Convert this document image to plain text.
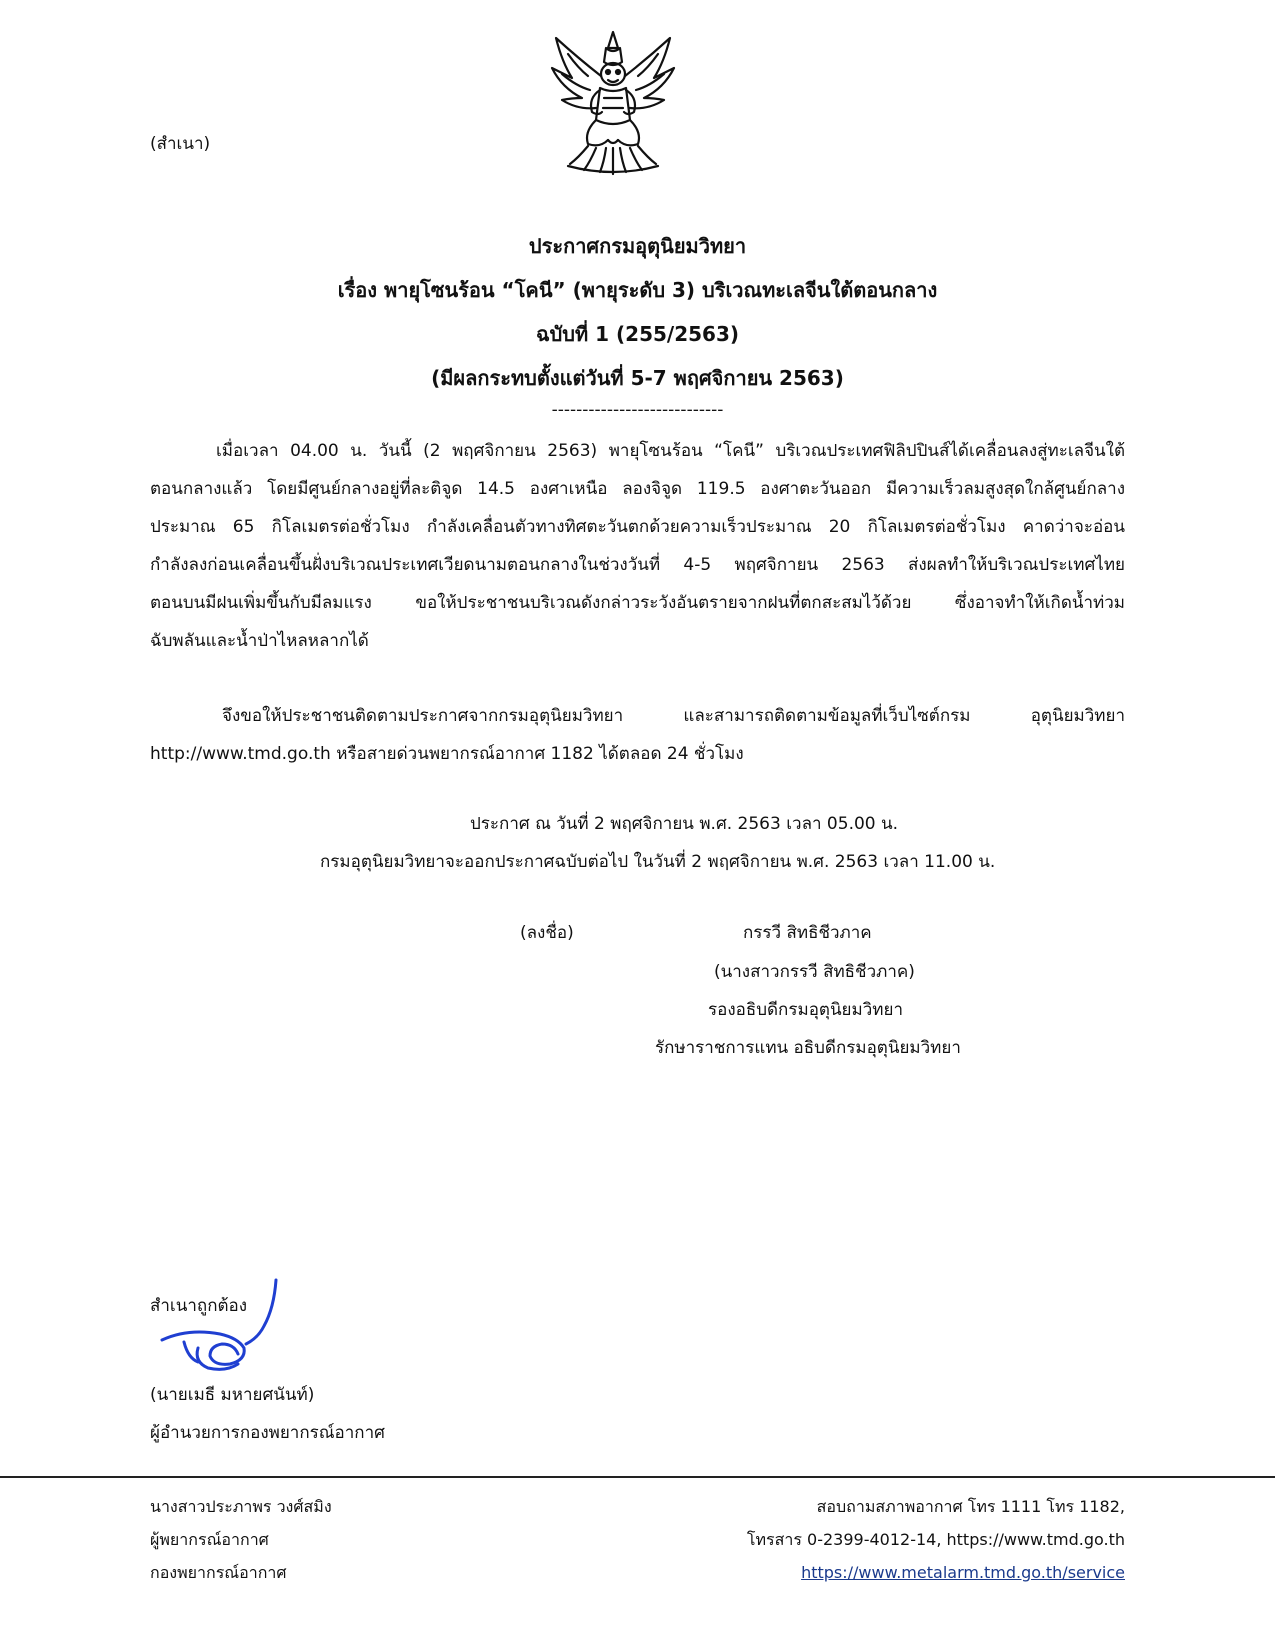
(สำเนา)
ประกาศกรมอุตุนิยมวิทยา
เรื่อง พายุโซนร้อน “โคนี” (พายุระดับ 3) บริเวณทะเลจีนใต้ตอนกลาง
ฉบับที่ 1 (255/2563)
(มีผลกระทบตั้งแต่วันที่ 5-7 พฤศจิกายน 2563)
----------------------------
เมื่อเวลา 04.00 น. วันนี้ (2 พฤศจิกายน 2563) พายุโซนร้อน “โคนี” บริเวณประเทศฟิลิปปินส์ได้เคลื่อนลงสู่ทะเลจีนใต้
ตอนกลางแล้ว โดยมีศูนย์กลางอยู่ที่ละติจูด 14.5 องศาเหนือ ลองจิจูด 119.5 องศาตะวันออก มีความเร็วลมสูงสุดใกล้ศูนย์กลาง
ประมาณ 65 กิโลเมตรต่อชั่วโมง กำลังเคลื่อนตัวทางทิศตะวันตกด้วยความเร็วประมาณ 20 กิโลเมตรต่อชั่วโมง คาดว่าจะอ่อน
กำลังลงก่อนเคลื่อนขึ้นฝั่งบริเวณประเทศเวียดนามตอนกลางในช่วงวันที่ 4-5 พฤศจิกายน 2563 ส่งผลทำให้บริเวณประเทศไทย
ตอนบนมีฝนเพิ่มขึ้นกับมีลมแรง ขอให้ประชาชนบริเวณดังกล่าวระวังอันตรายจากฝนที่ตกสะสมไว้ด้วย ซึ่งอาจทำให้เกิดน้ำท่วม
ฉับพลันและน้ำป่าไหลหลากได้
จึงขอให้ประชาชนติดตามประกาศจากกรมอุตุนิยมวิทยา และสามารถติดตามข้อมูลที่เว็บไซต์กรม อุตุนิยมวิทยา
http://www.tmd.go.th หรือสายด่วนพยากรณ์อากาศ 1182 ได้ตลอด 24 ชั่วโมง
ประกาศ ณ วันที่ 2 พฤศจิกายน พ.ศ. 2563 เวลา 05.00 น.
กรมอุตุนิยมวิทยาจะออกประกาศฉบับต่อไป ในวันที่ 2 พฤศจิกายน พ.ศ. 2563 เวลา 11.00 น.
(ลงชื่อ)	กรรวี สิทธิชีวภาค
(นางสาวกรรวี สิทธิชีวภาค)
รองอธิบดีกรมอุตุนิยมวิทยา
รักษาราชการแทน อธิบดีกรมอุตุนิยมวิทยา
สำเนาถูกต้อง
(นายเมธี มหายศนันท์)
ผู้อำนวยการกองพยากรณ์อากาศ
นางสาวประภาพร วงศ์สมิง
ผู้พยากรณ์อากาศ
กองพยากรณ์อากาศ
สอบถามสภาพอากาศ โทร 1111 โทร 1182,
โทรสาร 0-2399-4012-14, https://www.tmd.go.th
https://www.metalarm.tmd.go.th/service
